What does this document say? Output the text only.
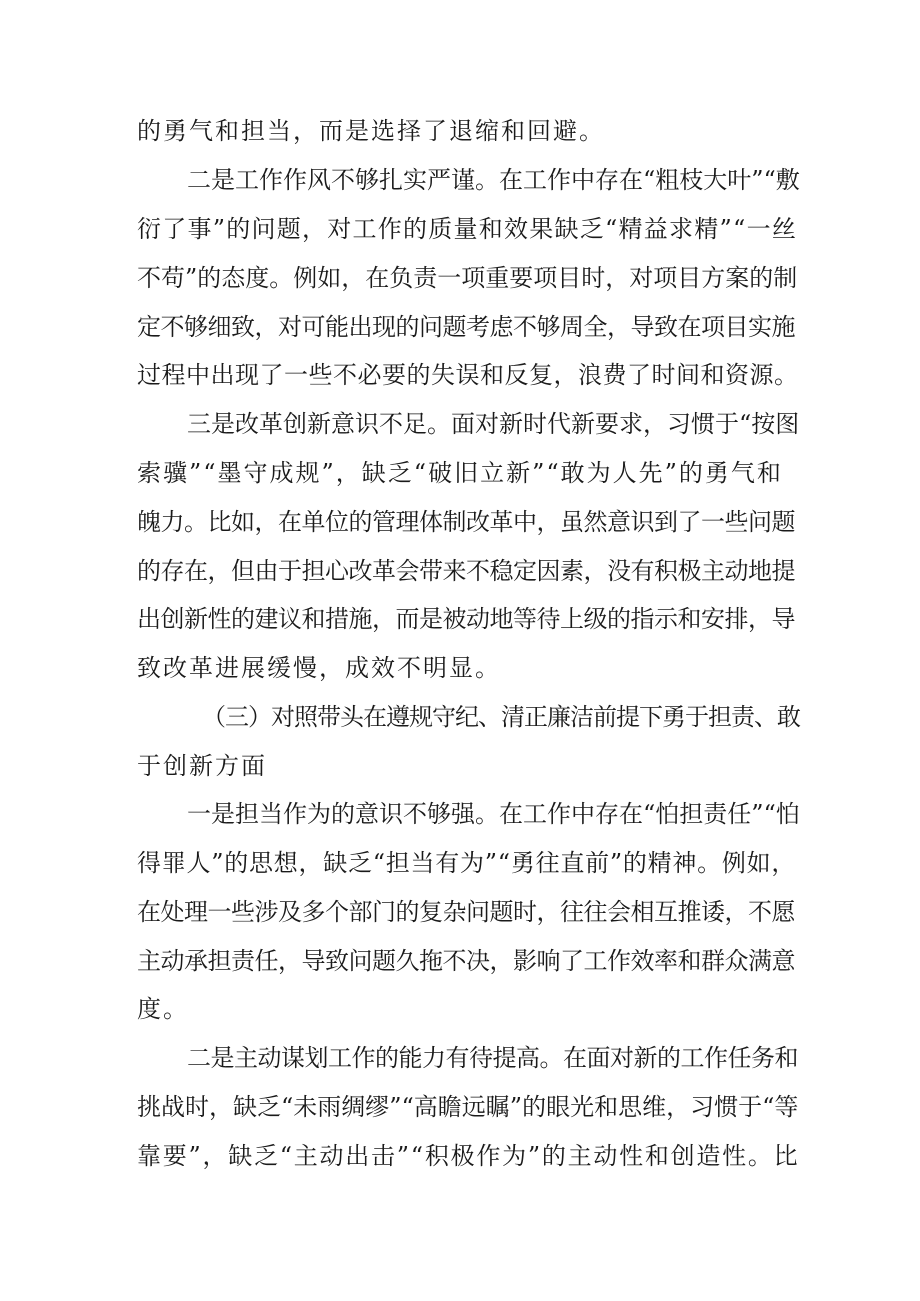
的勇气和担当，而是选择了退缩和回避。
二是工作作风不够扎实严谨。在工作中存在“粗枝大叶”“敷
衍了事”的问题，对工作的质量和效果缺乏“精益求精”“一丝
不苟”的态度。例如，在负责一项重要项目时，对项目方案的制
定不够细致，对可能出现的问题考虑不够周全，导致在项目实施
过程中出现了一些不必要的失误和反复，浪费了时间和资源。
三是改革创新意识不足。面对新时代新要求，习惯于“按图
索骥”“墨守成规”，缺乏“破旧立新”“敢为人先”的勇气和
魄力。比如，在单位的管理体制改革中，虽然意识到了一些问题
的存在，但由于担心改革会带来不稳定因素，没有积极主动地提
出创新性的建议和措施，而是被动地等待上级的指示和安排，导
致改革进展缓慢，成效不明显。
（三）对照带头在遵规守纪、清正廉洁前提下勇于担责、敢
于创新方面
一是担当作为的意识不够强。在工作中存在“怕担责任”“怕
得罪人”的思想，缺乏“担当有为”“勇往直前”的精神。例如，
在处理一些涉及多个部门的复杂问题时，往往会相互推诿，不愿
主动承担责任，导致问题久拖不决，影响了工作效率和群众满意
度。
二是主动谋划工作的能力有待提高。在面对新的工作任务和
挑战时，缺乏“未雨绸缪”“高瞻远瞩”的眼光和思维，习惯于“等
靠要”，缺乏“主动出击”“积极作为”的主动性和创造性。比
